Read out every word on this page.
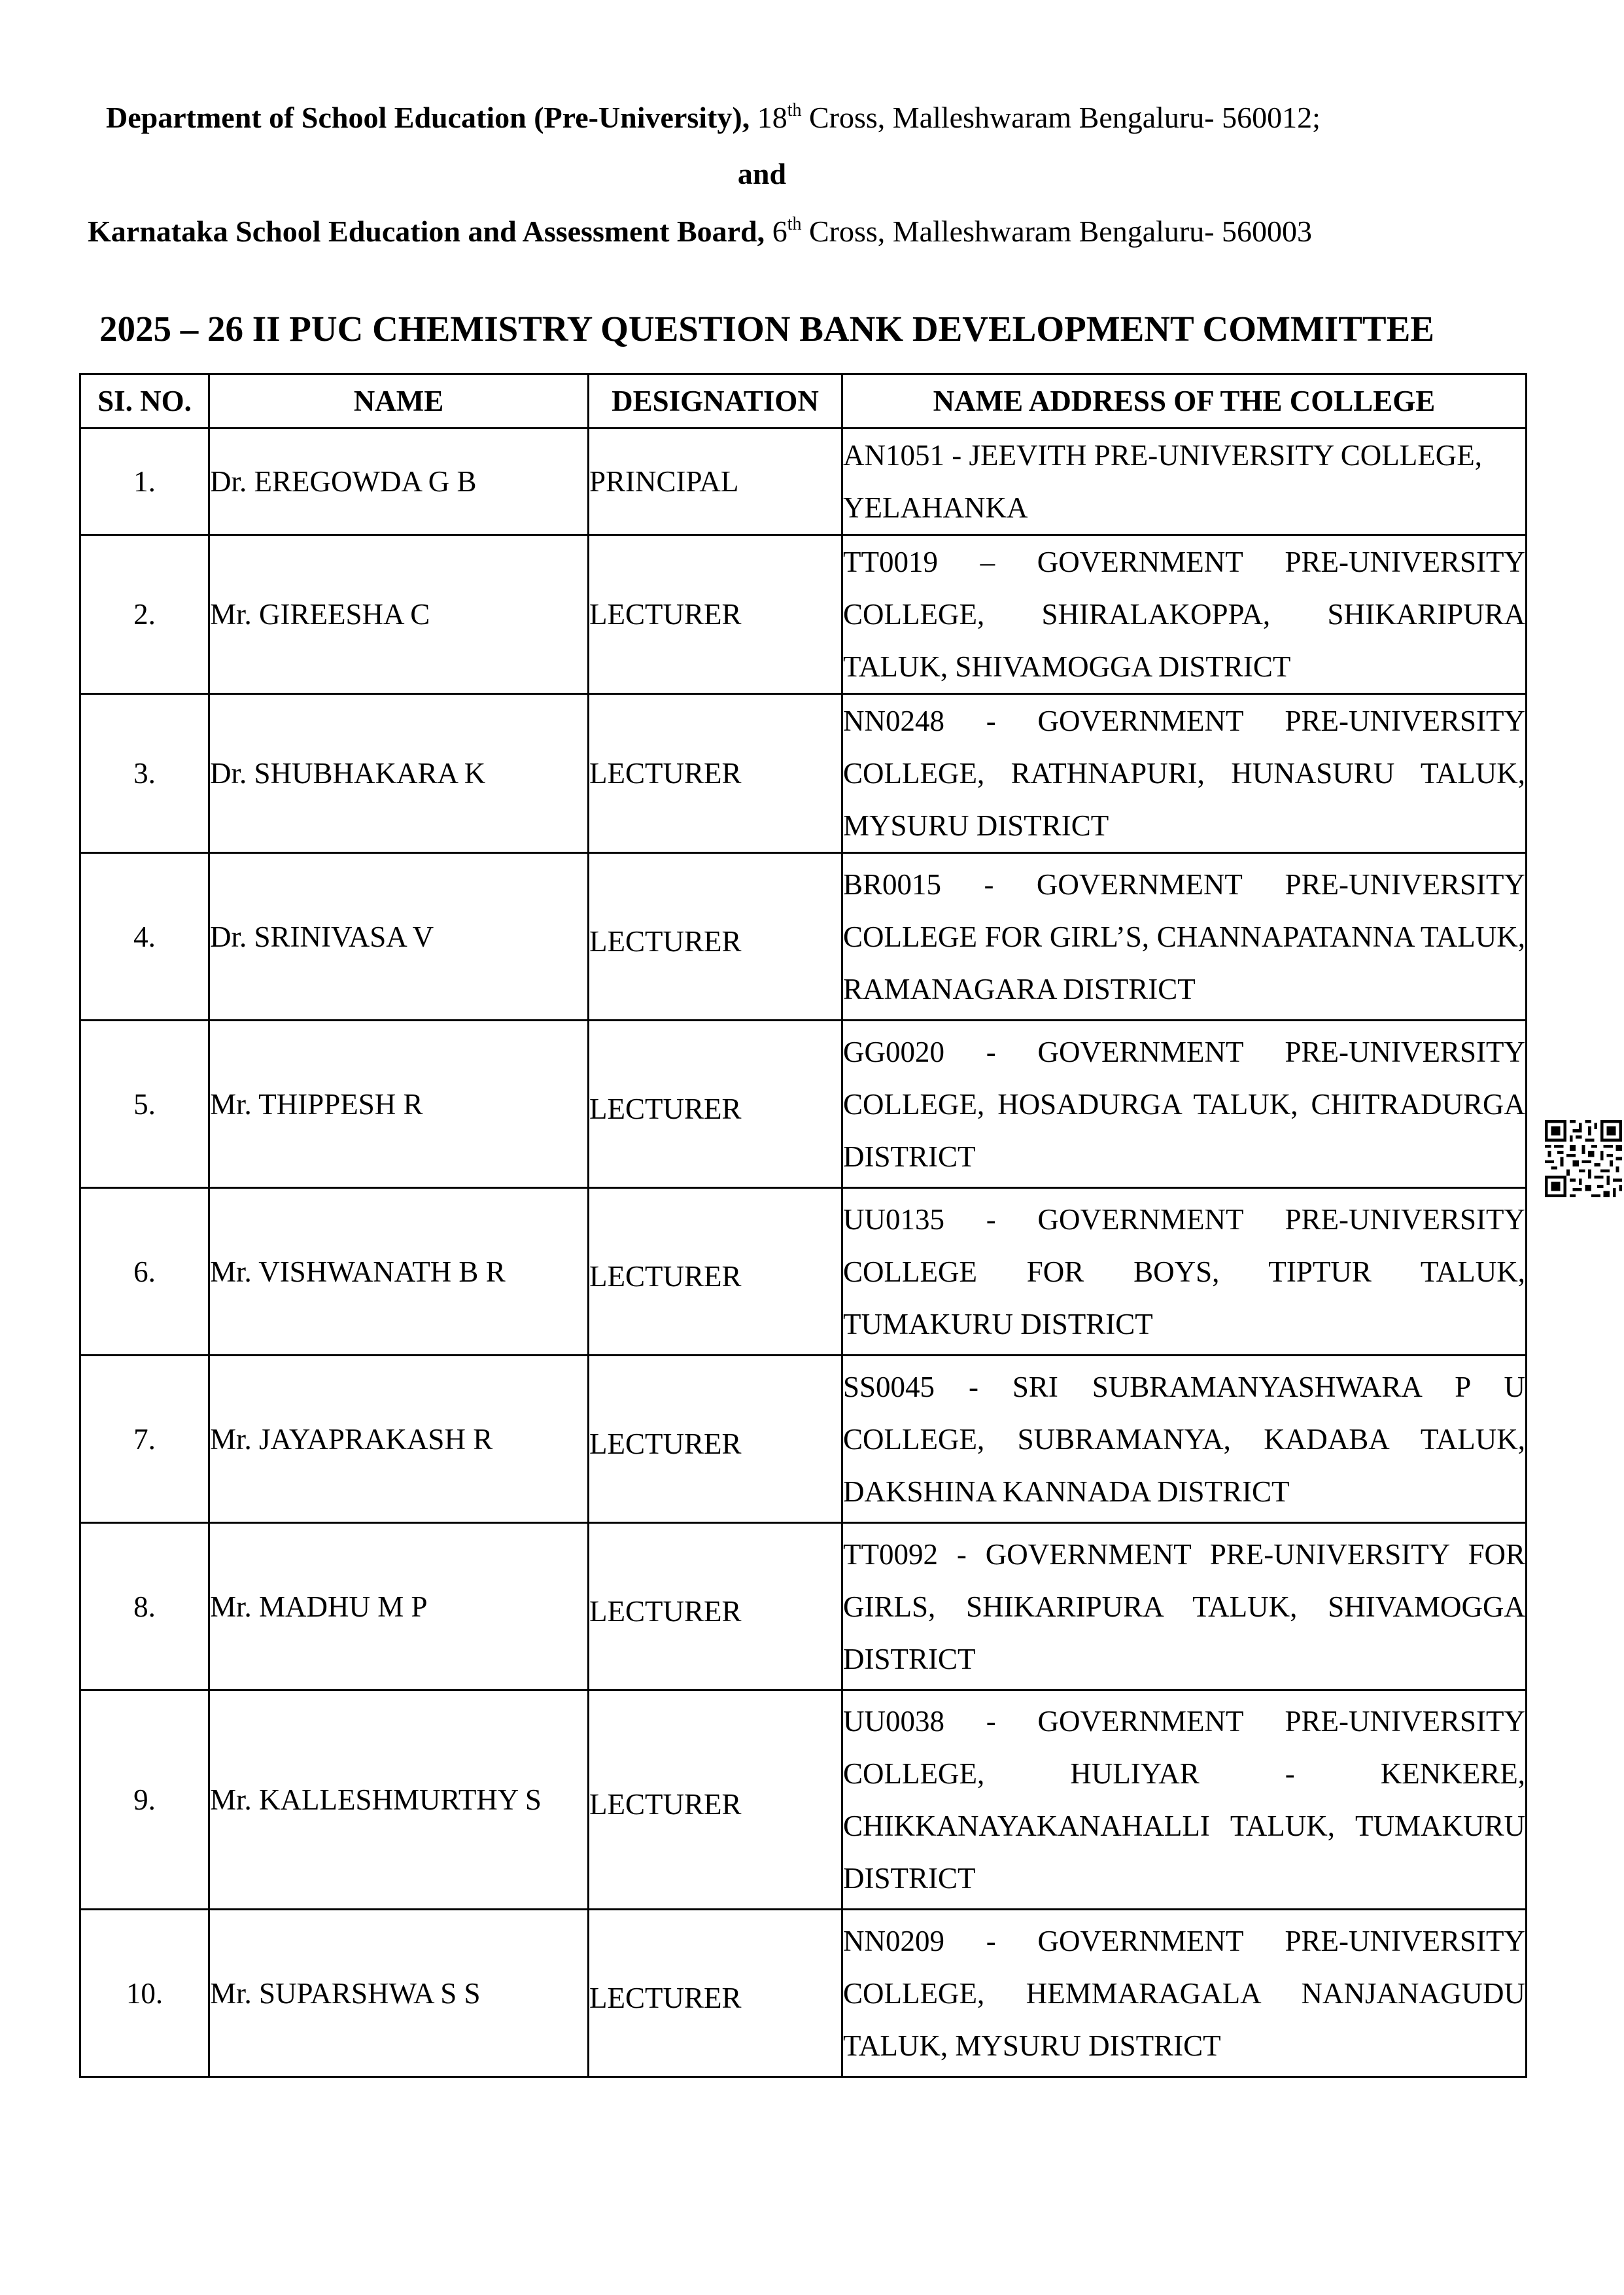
Department of School Education (Pre-University), 18th Cross, Malleshwaram Bengaluru- 560012;
and
Karnataka School Education and Assessment Board, 6th Cross, Malleshwaram Bengaluru- 560003
2025 – 26 II PUC CHEMISTRY QUESTION BANK DEVELOPMENT COMMITTEE
SI. NO.	NAME	DESIGNATION	NAME ADDRESS OF THE COLLEGE
1.	Dr. EREGOWDA G B	PRINCIPAL	AN1051 - JEEVITH PRE-UNIVERSITY COLLEGE, YELAHANKA
2.	Mr. GIREESHA C	LECTURER	TT0019 – GOVERNMENT PRE-UNIVERSITY COLLEGE, SHIRALAKOPPA, SHIKARIPURA TALUK, SHIVAMOGGA DISTRICT
3.	Dr. SHUBHAKARA K	LECTURER	NN0248 - GOVERNMENT PRE-UNIVERSITY COLLEGE, RATHNAPURI, HUNASURU TALUK, MYSURU DISTRICT
4.	Dr. SRINIVASA V	LECTURER	BR0015 - GOVERNMENT PRE-UNIVERSITY COLLEGE FOR GIRL’S, CHANNAPATANNA TALUK, RAMANAGARA DISTRICT
5.	Mr. THIPPESH R	LECTURER	GG0020 - GOVERNMENT PRE-UNIVERSITY COLLEGE, HOSADURGA TALUK, CHITRADURGA DISTRICT
6.	Mr. VISHWANATH B R	LECTURER	UU0135 - GOVERNMENT PRE-UNIVERSITY COLLEGE FOR BOYS, TIPTUR TALUK, TUMAKURU DISTRICT
7.	Mr. JAYAPRAKASH R	LECTURER	SS0045 - SRI SUBRAMANYASHWARA P U COLLEGE, SUBRAMANYA, KADABA TALUK, DAKSHINA KANNADA DISTRICT
8.	Mr. MADHU M P	LECTURER	TT0092 - GOVERNMENT PRE-UNIVERSITY FOR GIRLS, SHIKARIPURA TALUK, SHIVAMOGGA DISTRICT
9.	Mr. KALLESHMURTHY S	LECTURER	UU0038 - GOVERNMENT PRE-UNIVERSITY COLLEGE, HULIYAR - KENKERE, CHIKKANAYAKANAHALLI TALUK, TUMAKURU DISTRICT
10.	Mr. SUPARSHWA S S	LECTURER	NN0209 - GOVERNMENT PRE-UNIVERSITY COLLEGE, HEMMARAGALA NANJANAGUDU TALUK, MYSURU DISTRICT
